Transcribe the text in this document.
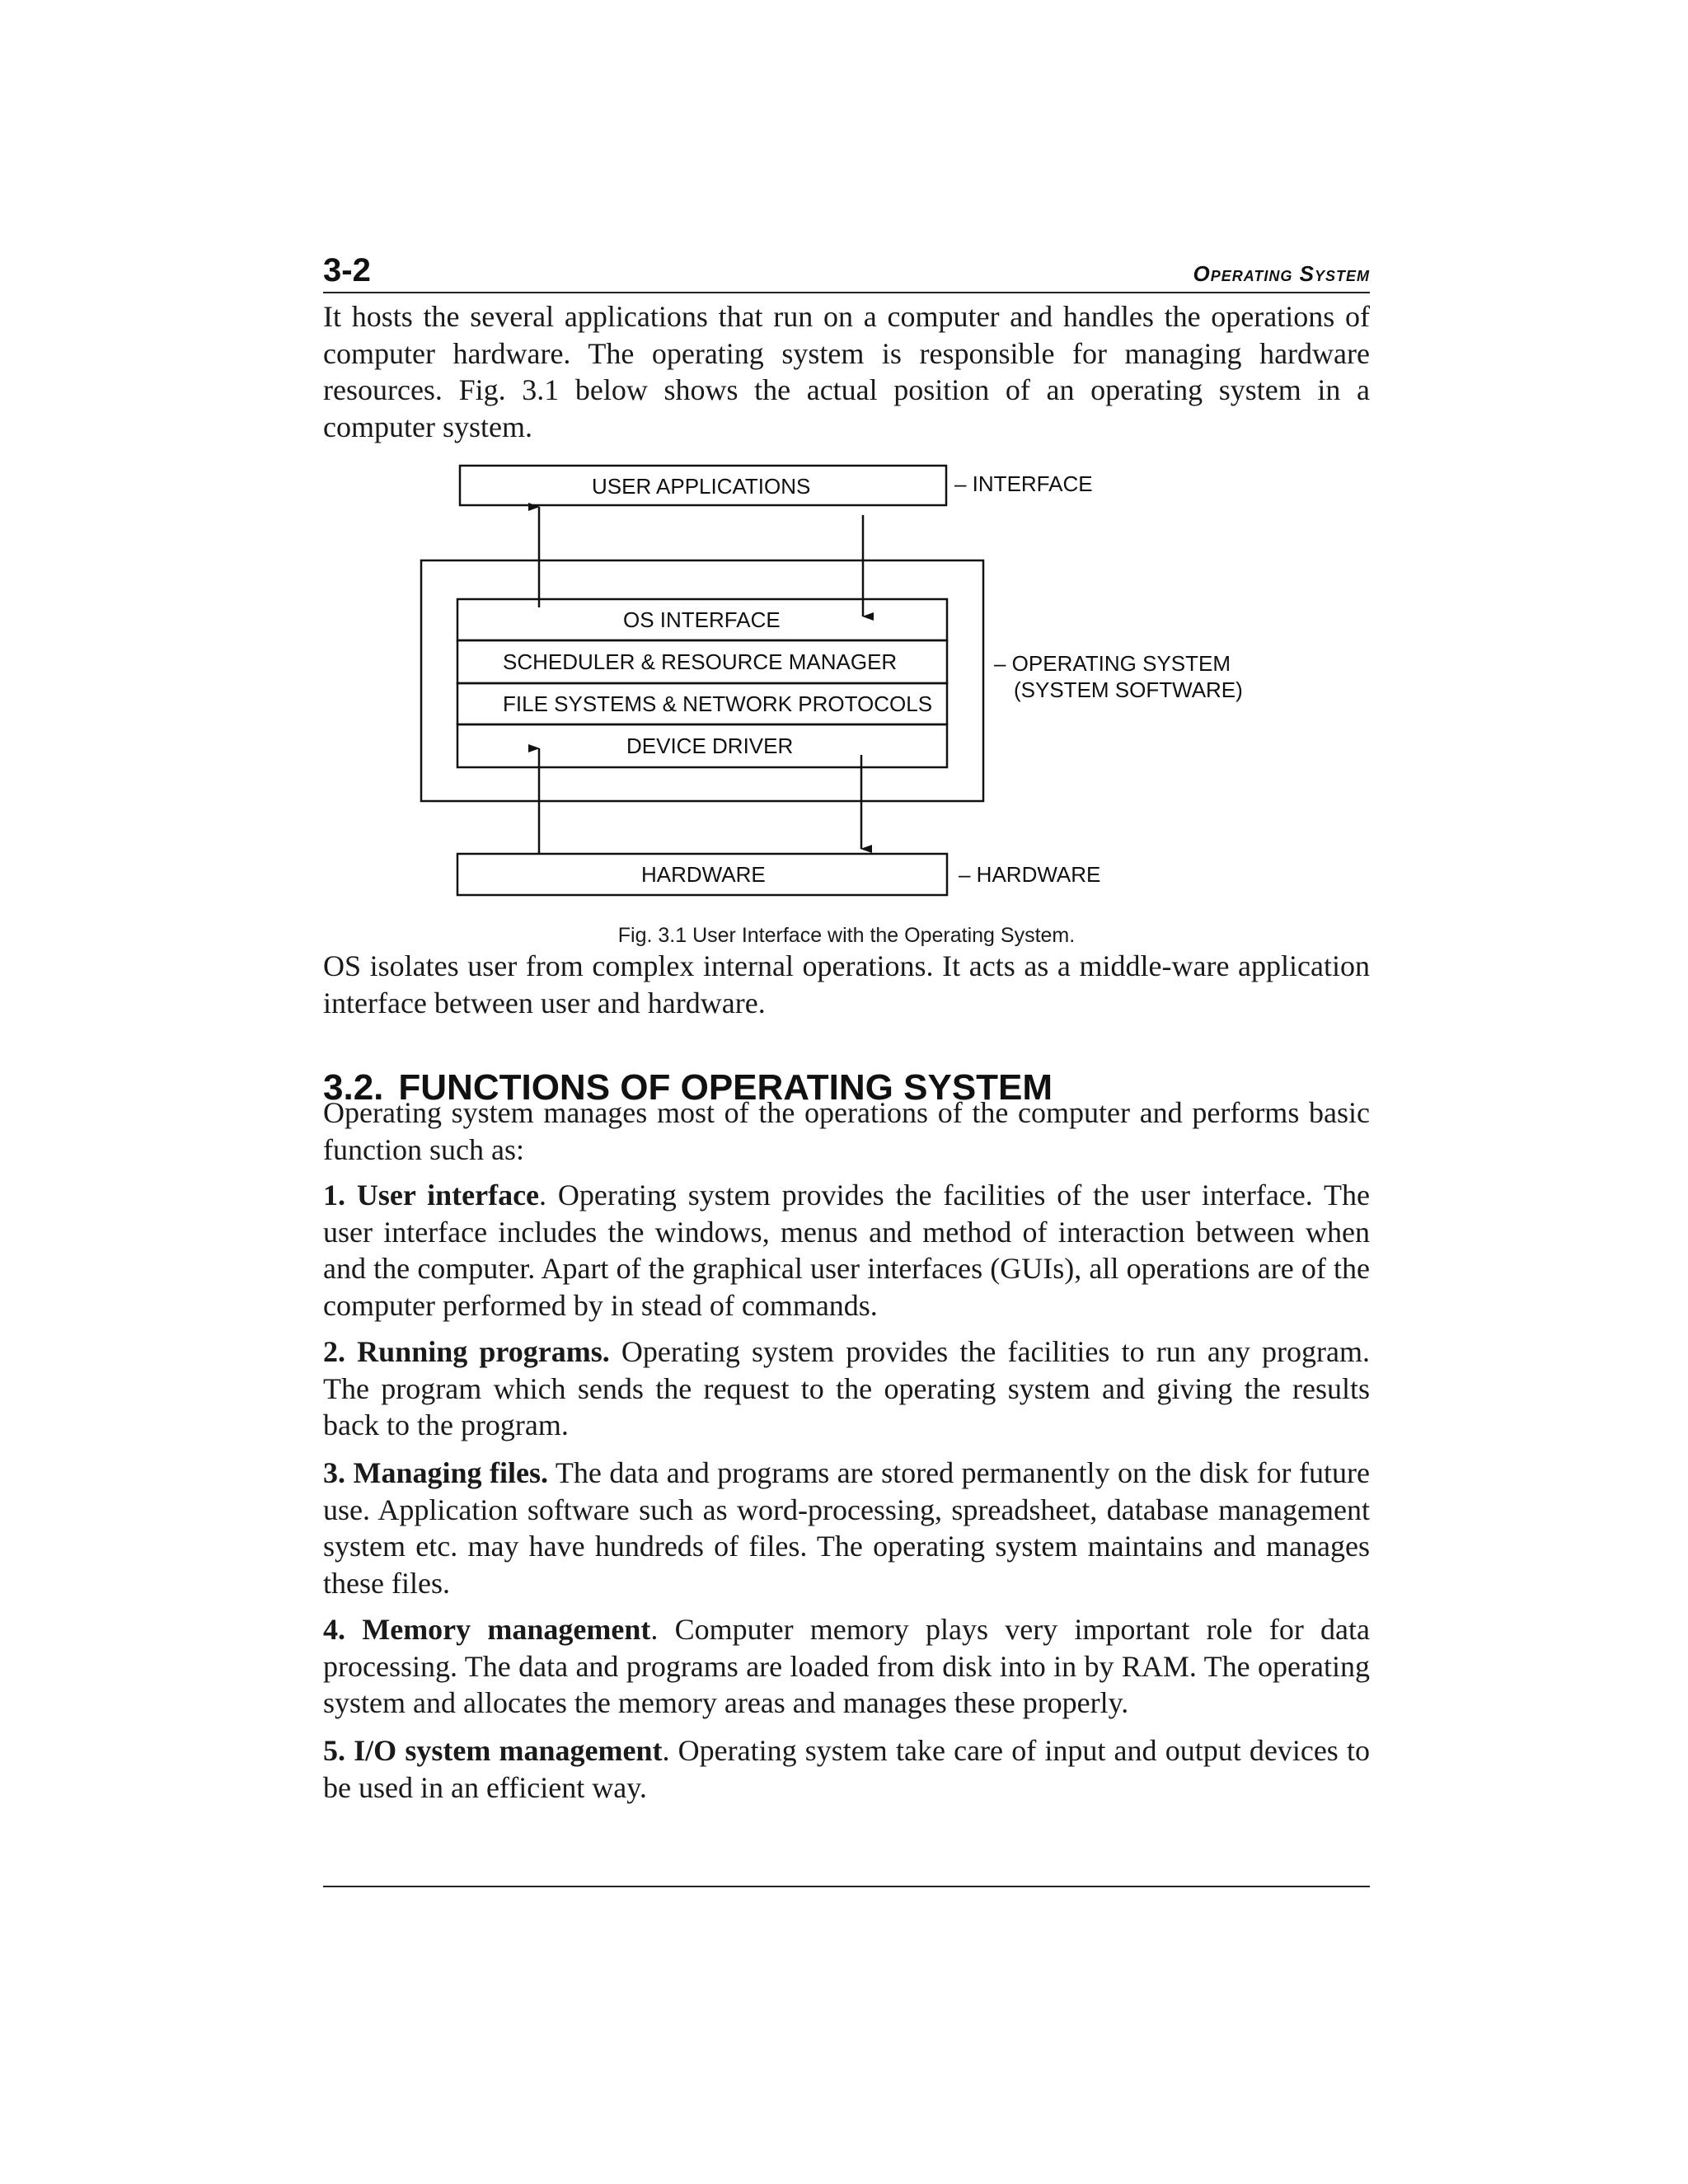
3-2	Operating System

It hosts the several applications that run on a computer and handles the operations of computer hardware. The operating system is responsible for managing hardware resources. Fig. 3.1 below shows the actual position of an operating system in a computer system.

USER APPLICATIONS	– INTERFACE
OS INTERFACE
SCHEDULER & RESOURCE MANAGER
FILE SYSTEMS & NETWORK PROTOCOLS
DEVICE DRIVER
– OPERATING SYSTEM
(SYSTEM SOFTWARE)
HARDWARE	– HARDWARE
Fig. 3.1 User Interface with the Operating System.

OS isolates user from complex internal operations. It acts as a middle-ware application interface between user and hardware.

3.2. FUNCTIONS OF OPERATING SYSTEM

Operating system manages most of the operations of the computer and performs basic function such as:

1. User interface. Operating system provides the facilities of the user interface. The user interface includes the windows, menus and method of interaction between when and the computer. Apart of the graphical user interfaces (GUIs), all operations are of the computer performed by in stead of commands.

2. Running programs. Operating system provides the facilities to run any program. The program which sends the request to the operating system and giving the results back to the program.

3. Managing files. The data and programs are stored permanently on the disk for future use. Application software such as word-processing, spreadsheet, database management system etc. may have hundreds of files. The operating system maintains and manages these files.

4. Memory management. Computer memory plays very important role for data processing. The data and programs are loaded from disk into in by RAM. The operating system and allocates the memory areas and manages these properly.

5. I/O system management. Operating system take care of input and output devices to be used in an efficient way.
